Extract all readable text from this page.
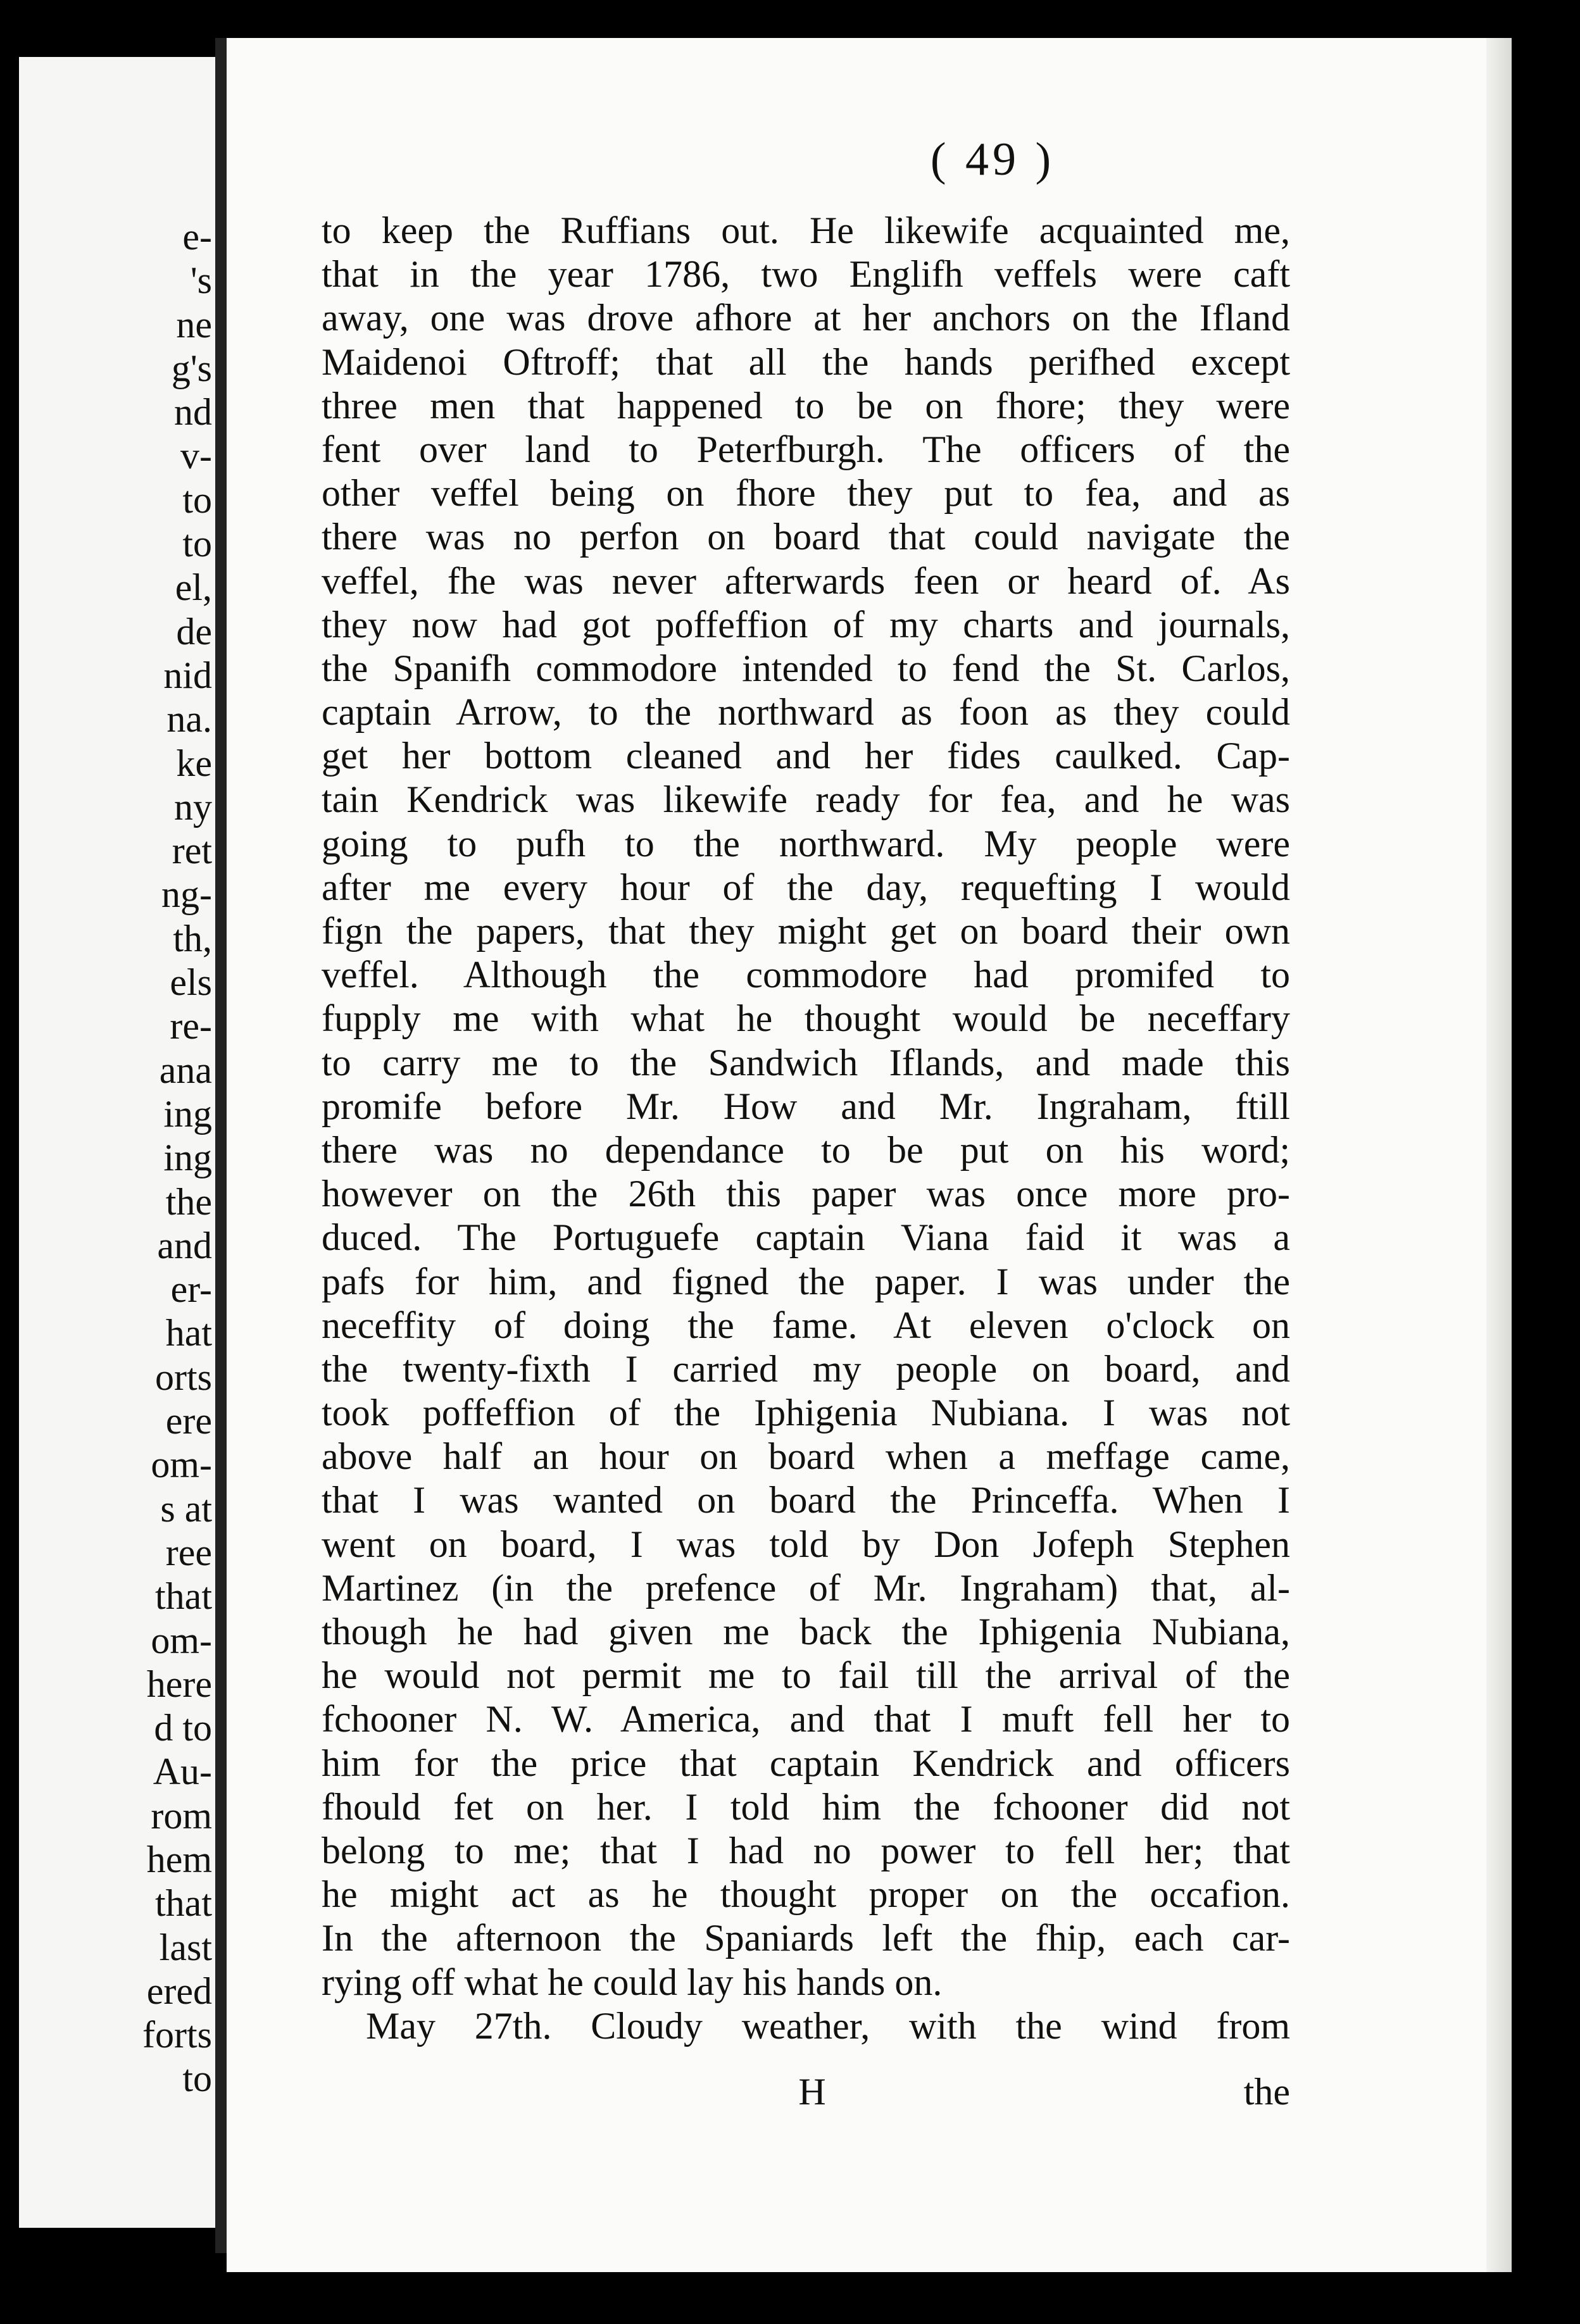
e-
's
ne
g's
nd
v-
to
to
el,
de
nid
na.
ke
ny
ret
ng-
th,
els
re-
ana
ing
ing
the
and
er-
hat
orts
ere
om-
s at
ree
that
om-
here
d to
Au-
rom
hem
that
last
ered
forts
to
( 49 )
to keep the Ruffians out. He likewife acquainted me,
that in the year 1786, two Englifh veffels were caft
away, one was drove afhore at her anchors on the Ifland
Maidenoi Oftroff; that all the hands perifhed except
three men that happened to be on fhore; they were
fent over land to Peterfburgh. The officers of the
other veffel being on fhore they put to fea, and as
there was no perfon on board that could navigate the
veffel, fhe was never afterwards feen or heard of. As
they now had got poffeffion of my charts and journals,
the Spanifh commodore intended to fend the St. Carlos,
captain Arrow, to the northward as foon as they could
get her bottom cleaned and her fides caulked. Cap-
tain Kendrick was likewife ready for fea, and he was
going to pufh to the northward. My people were
after me every hour of the day, requefting I would
fign the papers, that they might get on board their own
veffel. Although the commodore had promifed to
fupply me with what he thought would be neceffary
to carry me to the Sandwich Iflands, and made this
promife before Mr. How and Mr. Ingraham, ftill
there was no dependance to be put on his word;
however on the 26th this paper was once more pro-
duced. The Portuguefe captain Viana faid it was a
pafs for him, and figned the paper. I was under the
neceffity of doing the fame. At eleven o'clock on
the twenty-fixth I carried my people on board, and
took poffeffion of the Iphigenia Nubiana. I was not
above half an hour on board when a meffage came,
that I was wanted on board the Princeffa. When I
went on board, I was told by Don Jofeph Stephen
Martinez (in the prefence of Mr. Ingraham) that, al-
though he had given me back the Iphigenia Nubiana,
he would not permit me to fail till the arrival of the
fchooner N. W. America, and that I muft fell her to
him for the price that captain Kendrick and officers
fhould fet on her. I told him the fchooner did not
belong to me; that I had no power to fell her; that
he might act as he thought proper on the occafion.
In the afternoon the Spaniards left the fhip, each car-
rying off what he could lay his hands on.
May 27th. Cloudy weather, with the wind from
H	the
